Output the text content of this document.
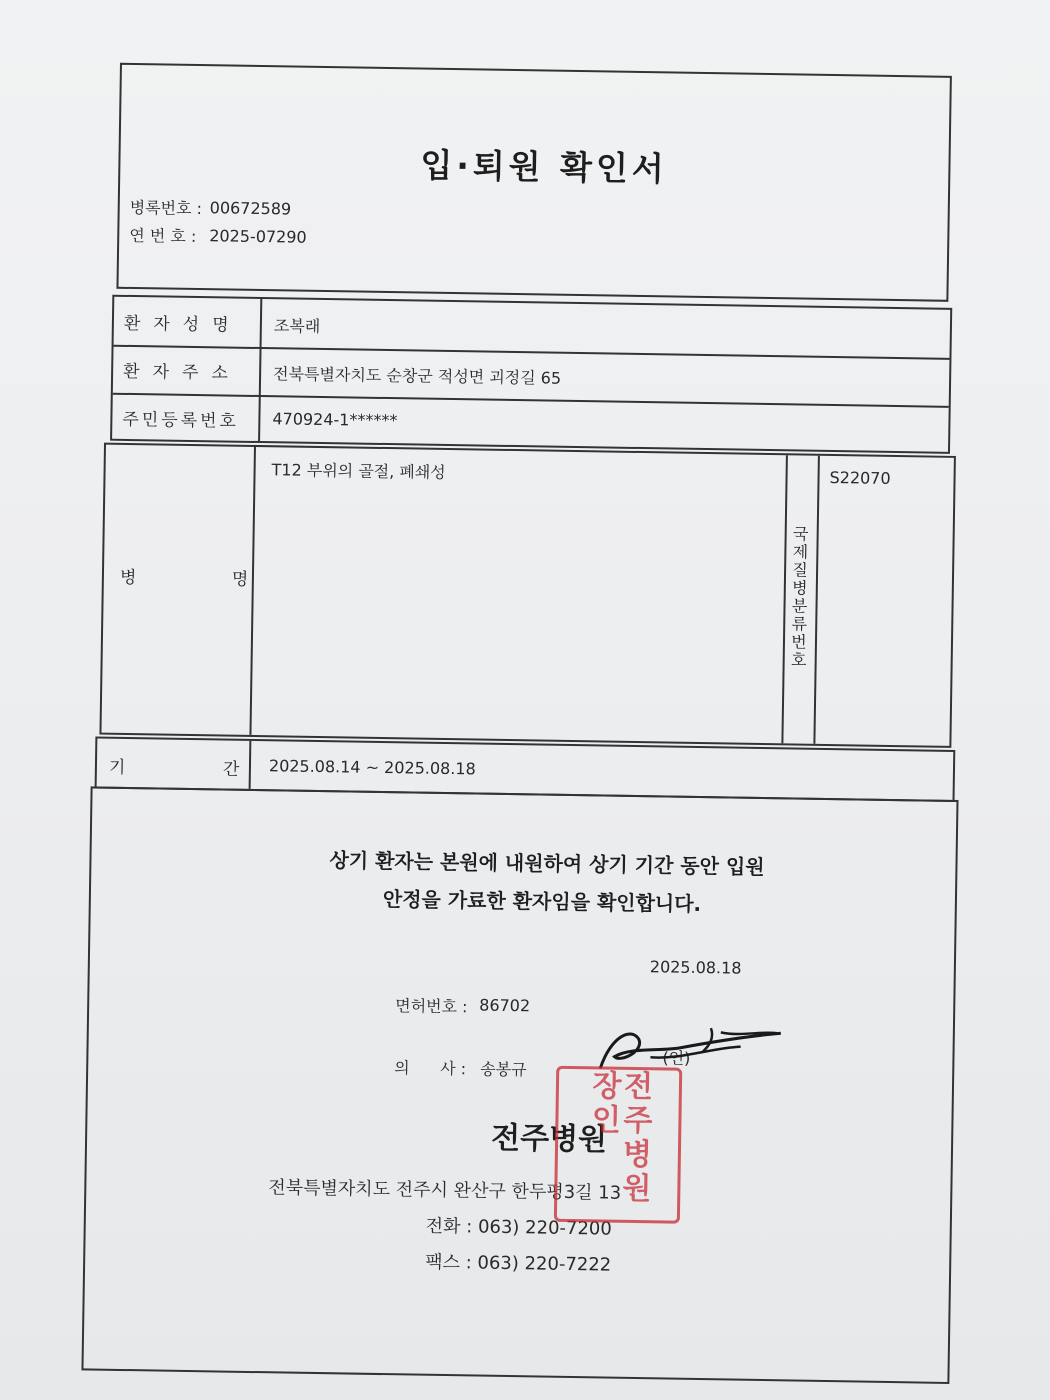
입·퇴원 확인서
병록번호 : 00672589
연 번 호 : 2025-07290
환자성명 조복래
환자주소 전북특별자치도 순창군 적성면 괴정길 65
주민등록번호 470924-1******
병	명
T12 부위의 골절, 폐쇄성
국제질병분류번호
S22070
기	간 2025.08.14 ~ 2025.08.18
상기 환자는 본원에 내원하여 상기 기간 동안 입원
안정을 가료한 환자임을 확인합니다.
2025.08.18
면허번호 : 86702
의      사 : 송봉규
(인)
전주병원
전북특별자치도 전주시 완산구 한두평3길 13
전화 : 063) 220-7200
팩스 : 063) 220-7222
전주병원장인
